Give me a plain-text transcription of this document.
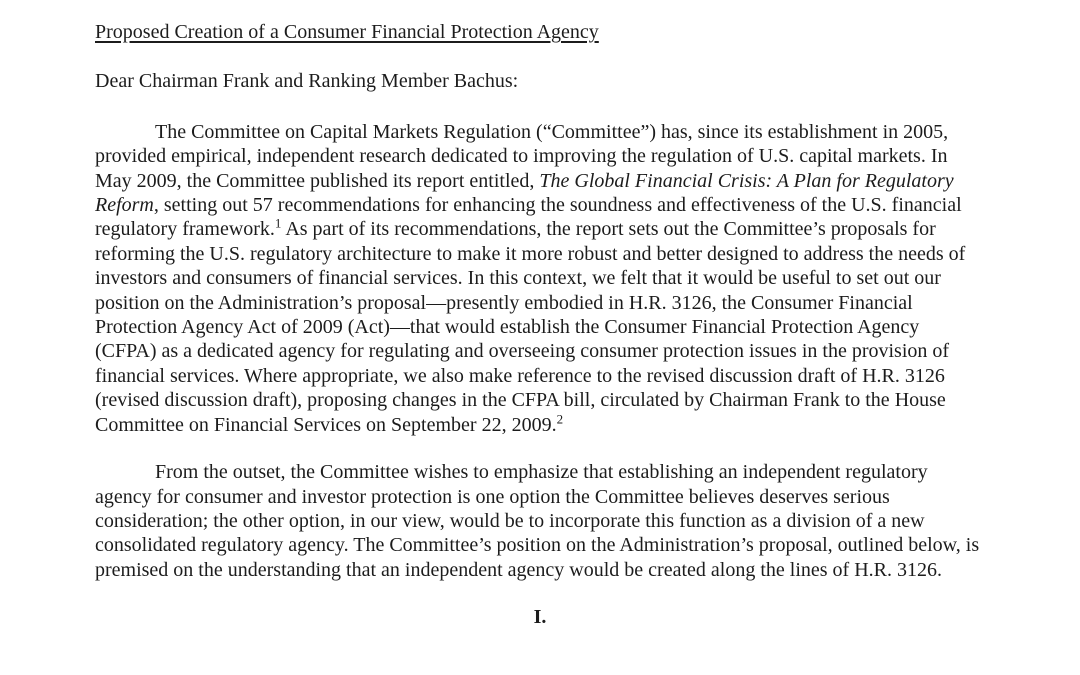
Proposed Creation of a Consumer Financial Protection Agency

Dear Chairman Frank and Ranking Member Bachus:

The Committee on Capital Markets Regulation (“Committee”) has, since its establishment in 2005, provided empirical, independent research dedicated to improving the regulation of U.S. capital markets. In May 2009, the Committee published its report entitled, The Global Financial Crisis: A Plan for Regulatory Reform, setting out 57 recommendations for enhancing the soundness and effectiveness of the U.S. financial regulatory framework.$^1$ As part of its recommendations, the report sets out the Committee’s proposals for reforming the U.S. regulatory architecture to make it more robust and better designed to address the needs of investors and consumers of financial services. In this context, we felt that it would be useful to set out our position on the Administration’s proposal—presently embodied in H.R. 3126, the Consumer Financial Protection Agency Act of 2009 (Act)—that would establish the Consumer Financial Protection Agency (CFPA) as a dedicated agency for regulating and overseeing consumer protection issues in the provision of financial services. Where appropriate, we also make reference to the revised discussion draft of H.R. 3126 (revised discussion draft), proposing changes in the CFPA bill, circulated by Chairman Frank to the House Committee on Financial Services on September 22, 2009.$^2$

From the outset, the Committee wishes to emphasize that establishing an independent regulatory agency for consumer and investor protection is one option the Committee believes deserves serious consideration; the other option, in our view, would be to incorporate this function as a division of a new consolidated regulatory agency. The Committee’s position on the Administration’s proposal, outlined below, is premised on the understanding that an independent agency would be created along the lines of H.R. 3126.

I.
